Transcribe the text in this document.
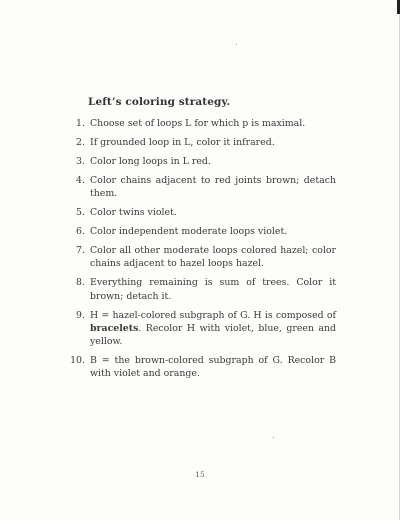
Left’s coloring strategy.
1. Choose set of loops L for which p is maximal.
2. If grounded loop in L, color it infrared.
3. Color long loops in L red.
4. Color chains adjacent to red joints brown; detach them.
5. Color twins violet.
6. Color independent moderate loops violet.
7. Color all other moderate loops colored hazel; color chains adjacent to hazel loops hazel.
8. Everything remaining is sum of trees. Color it brown; detach it.
9. H = hazel-colored subgraph of G. H is composed of bracelets. Recolor H with violet, blue, green and yellow.
10. B = the brown-colored subgraph of G. Recolor B with violet and orange.
15
